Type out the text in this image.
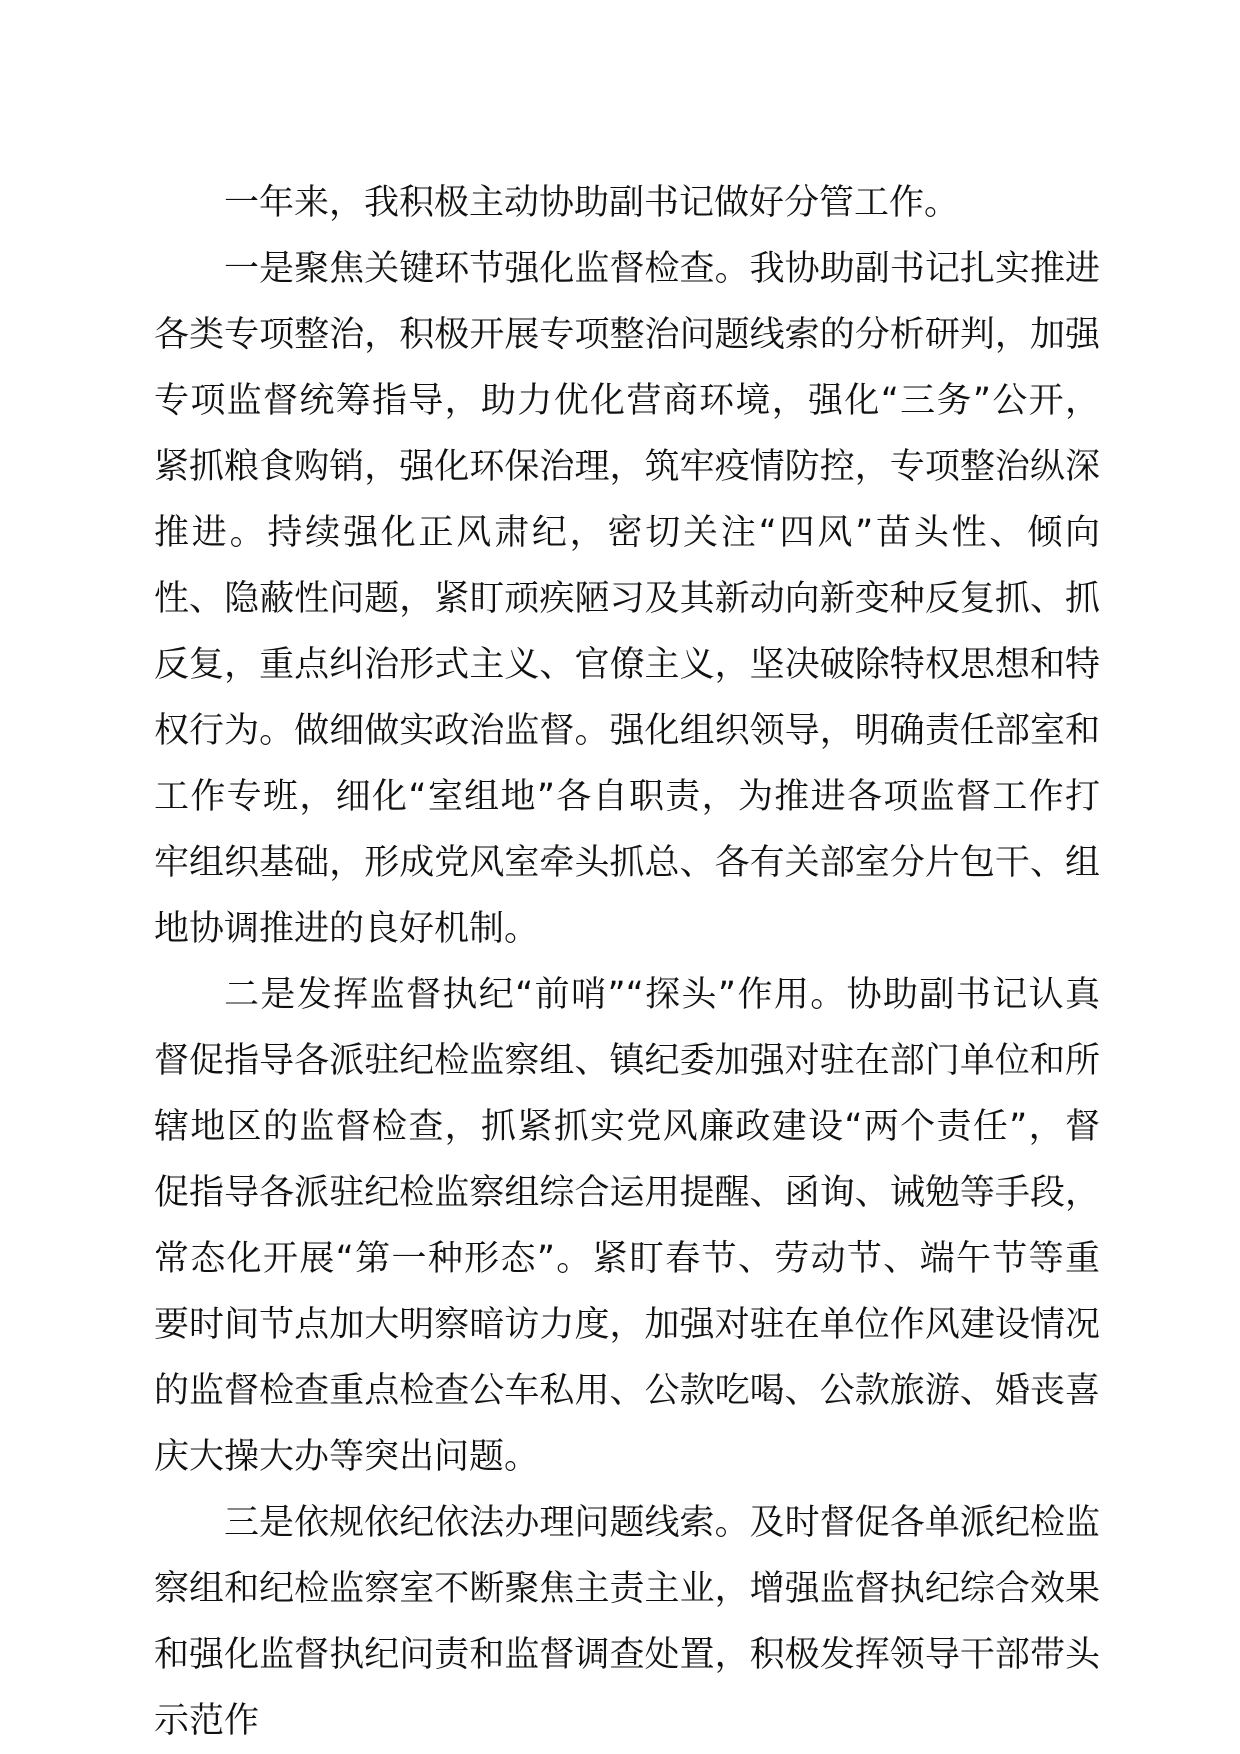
一年来，我积极主动协助副书记做好分管工作。

一是聚焦关键环节强化监督检查。我协助副书记扎实推进各类专项整治，积极开展专项整治问题线索的分析研判，加强专项监督统筹指导，助力优化营商环境，强化“三务”公开，紧抓粮食购销，强化环保治理，筑牢疫情防控，专项整治纵深推进。持续强化正风肃纪，密切关注“四风”苗头性、倾向性、隐蔽性问题，紧盯顽疾陋习及其新动向新变种反复抓、抓反复，重点纠治形式主义、官僚主义，坚决破除特权思想和特权行为。做细做实政治监督。强化组织领导，明确责任部室和工作专班，细化“室组地”各自职责，为推进各项监督工作打牢组织基础，形成党风室牵头抓总、各有关部室分片包干、组地协调推进的良好机制。

二是发挥监督执纪“前哨”“探头”作用。协助副书记认真督促指导各派驻纪检监察组、镇纪委加强对驻在部门单位和所辖地区的监督检查，抓紧抓实党风廉政建设“两个责任”，督促指导各派驻纪检监察组综合运用提醒、函询、诫勉等手段，常态化开展“第一种形态”。紧盯春节、劳动节、端午节等重要时间节点加大明察暗访力度，加强对驻在单位作风建设情况的监督检查重点检查公车私用、公款吃喝、公款旅游、婚丧喜庆大操大办等突出问题。

三是依规依纪依法办理问题线索。及时督促各单派纪检监察组和纪检监察室不断聚焦主责主业，增强监督执纪综合效果和强化监督执纪问责和监督调查处置，积极发挥领导干部带头示范作
